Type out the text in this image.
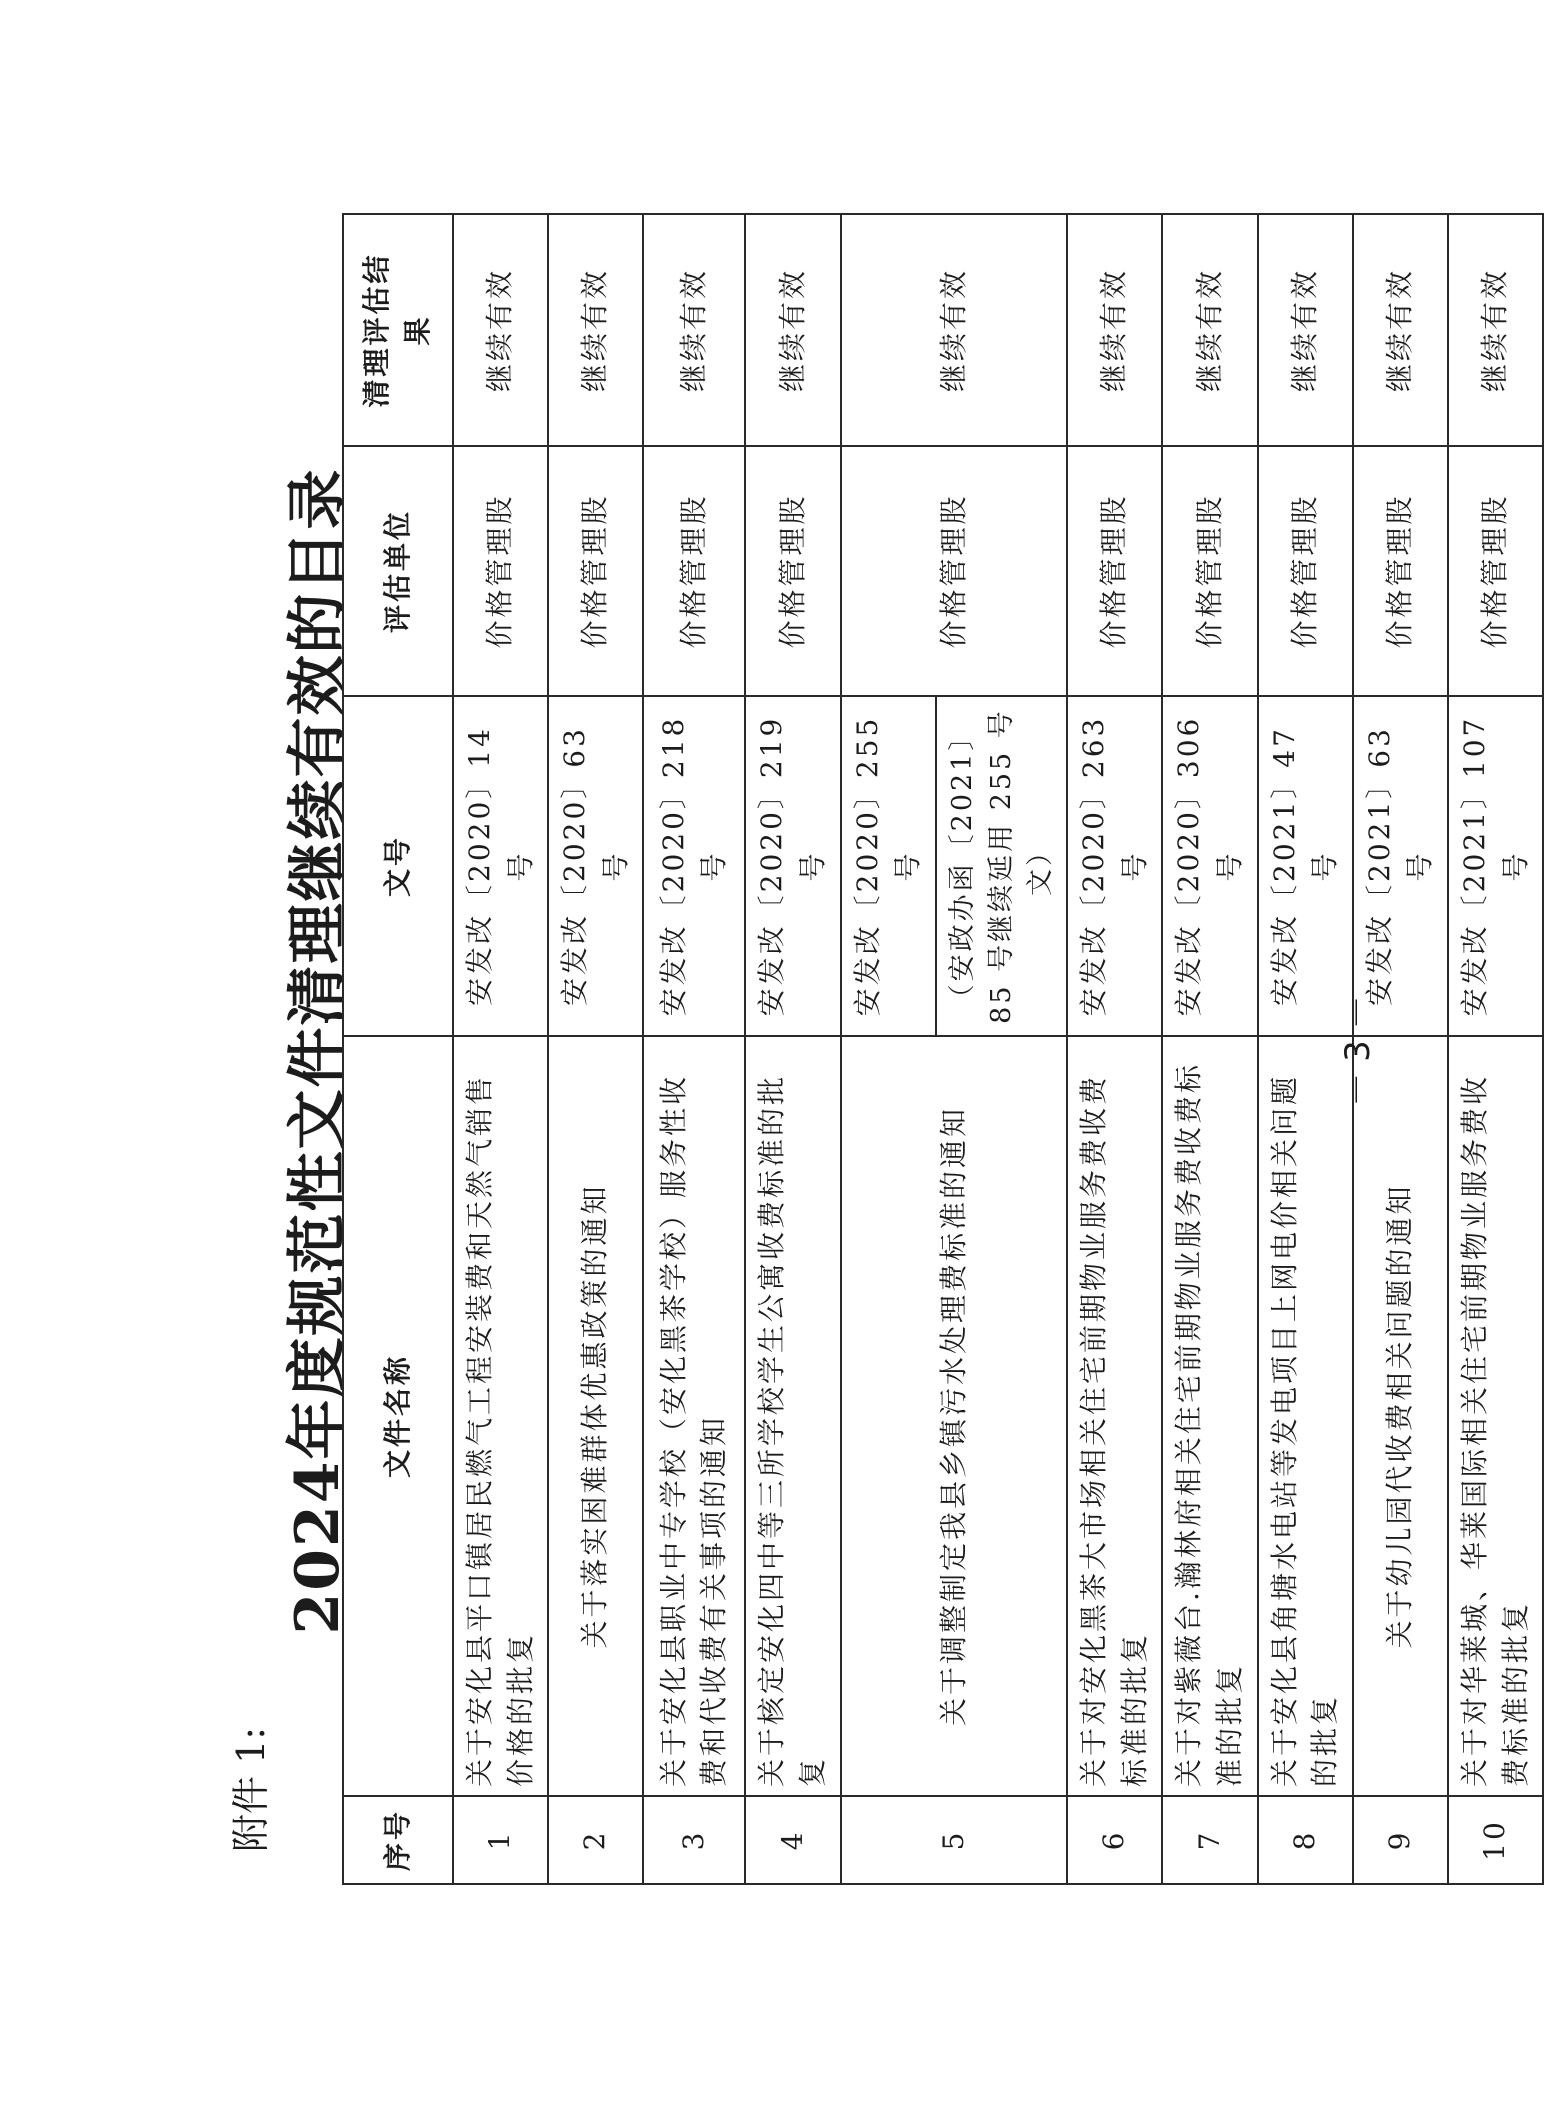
附件 1:
2024年度规范性文件清理继续有效的目录
序号	文件名称	文号	评估单位	清理评估结　果
1	关于安化县平口镇居民燃气工程安装费和天然气销售价格的批复	安发改〔2020〕14 号	价格管理股	继续有效
2	关于落实困难群体优惠政策的通知	安发改〔2020〕63 号	价格管理股	继续有效
3	关于安化县职业中专学校（安化黑茶学校）服务性收费和代收费有关事项的通知	安发改〔2020〕218 号	价格管理股	继续有效
4	关于核定安化四中等三所学校学生公寓收费标准的批复	安发改〔2020〕219 号	价格管理股	继续有效
5	关于调整制定我县乡镇污水处理费标准的通知	安发改〔2020〕255 号	价格管理股	继续有效
		（安政办函〔2021〕85 号继续延用 255 号文）		
6	关于对安化黑茶大市场相关住宅前期物业服务费收费标准的批复	安发改〔2020〕263 号	价格管理股	继续有效
7	关于对紫薇台.瀚林府相关住宅前期物业服务费收费标准的批复	安发改〔2020〕306 号	价格管理股	继续有效
8	关于安化县角塘水电站等发电项目上网电价相关问题的批复	安发改〔2021〕47 号	价格管理股	继续有效
9	关于幼儿园代收费相关问题的通知	安发改〔2021〕63 号	价格管理股	继续有效
10	关于对华莱城、华莱国际相关住宅前期物业服务费收费标准的批复	安发改〔2021〕107 号	价格管理股	继续有效
－ 3 －
